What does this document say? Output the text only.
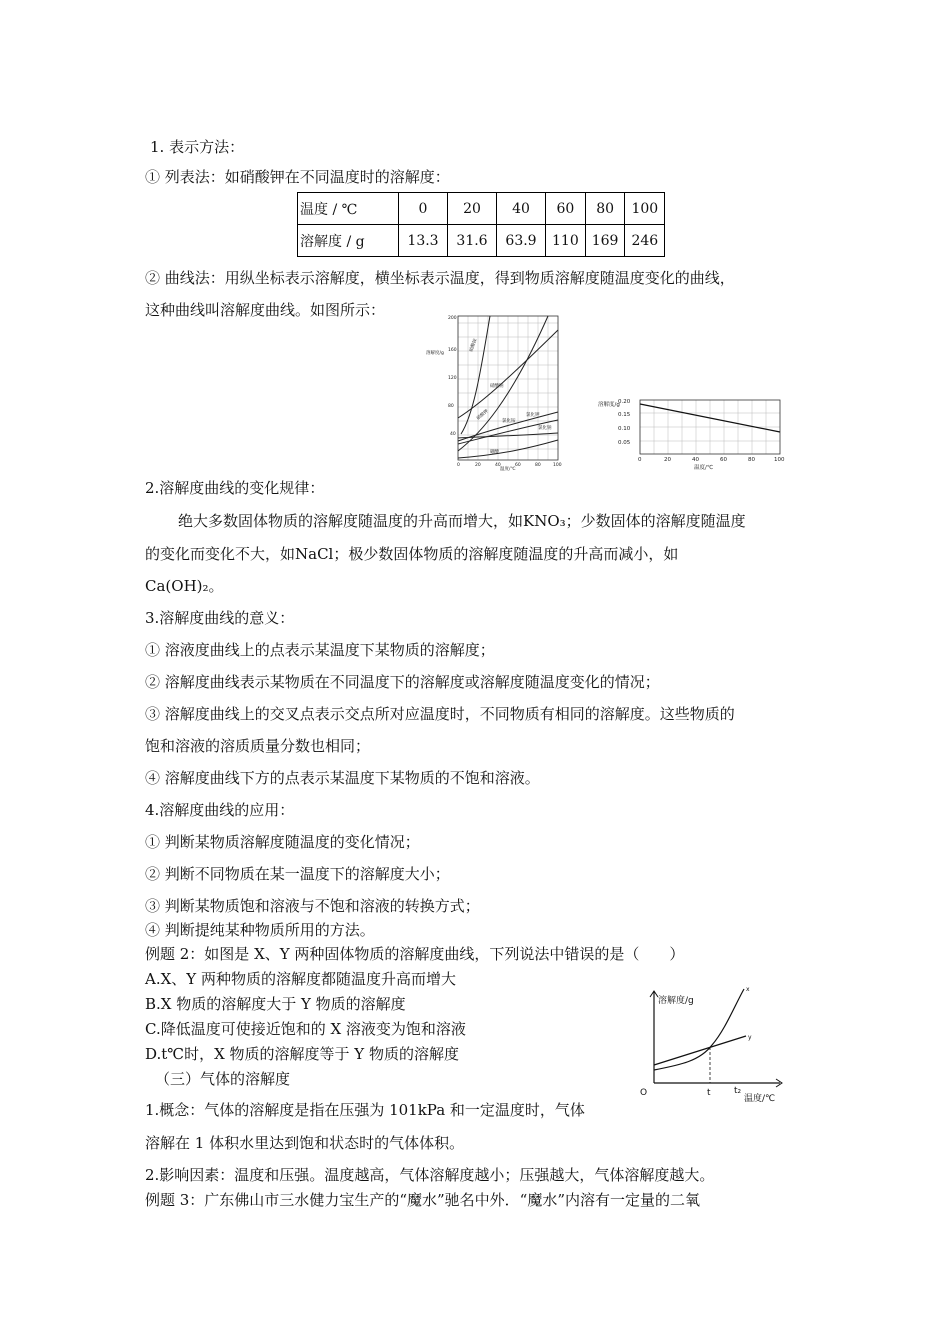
1. 表示方法：
① 列表法：如硝酸钾在不同温度时的溶解度：
温度 / ℃	0	20	40	60	80	100
溶解度 / g	13.3	31.6	63.9	110	169	246
② 曲线法：用纵坐标表示溶解度，横坐标表示温度，得到物质溶解度随温度变化的曲线，
这种曲线叫溶解度曲线。如图所示：	200
160
120
80
40
0	20	40	60	80	100
溶解度/g
温度/℃
硝酸铵
硝酸钠
硝酸钾	氯化铵
氯化钾
氯化钠
硼酸
0.20
0.15
0.10
0.05
0	20	40	60	80	100
溶解度/g
温度/℃
2.溶解度曲线的变化规律：
绝大多数固体物质的溶解度随温度的升高而增大，如KNO₃；少数固体的溶解度随温度
的变化而变化不大，如NaCl；极少数固体物质的溶解度随温度的升高而减小，如
Ca(OH)₂。
3.溶解度曲线的意义：
① 溶液度曲线上的点表示某温度下某物质的溶解度；
② 溶解度曲线表示某物质在不同温度下的溶解度或溶解度随温度变化的情况；
③ 溶解度曲线上的交叉点表示交点所对应温度时，不同物质有相同的溶解度。这些物质的
饱和溶液的溶质质量分数也相同；
④ 溶解度曲线下方的点表示某温度下某物质的不饱和溶液。
4.溶解度曲线的应用：
① 判断某物质溶解度随温度的变化情况；
② 判断不同物质在某一温度下的溶解度大小；
③ 判断某物质饱和溶液与不饱和溶液的转换方式；
④ 判断提纯某种物质所用的方法。
例题 2：如图是 X、Y 两种固体物质的溶解度曲线，下列说法中错误的是（　　）
A.X、Y 两种物质的溶解度都随温度升高而增大
B.X 物质的溶解度大于 Y 物质的溶解度
C.降低温度可使接近饱和的 X 溶液变为饱和溶液
D.t℃时，X 物质的溶解度等于 Y 物质的溶解度
溶解度/g
O	t	t₂
温度/℃
x
y
（三）气体的溶解度
1.概念：气体的溶解度是指在压强为 101kPa 和一定温度时，气体
溶解在 1 体积水里达到饱和状态时的气体体积。
2.影响因素：温度和压强。温度越高，气体溶解度越小；压强越大，气体溶解度越大。
例题 3：广东佛山市三水健力宝生产的“魔水”驰名中外．“魔水”内溶有一定量的二氧
